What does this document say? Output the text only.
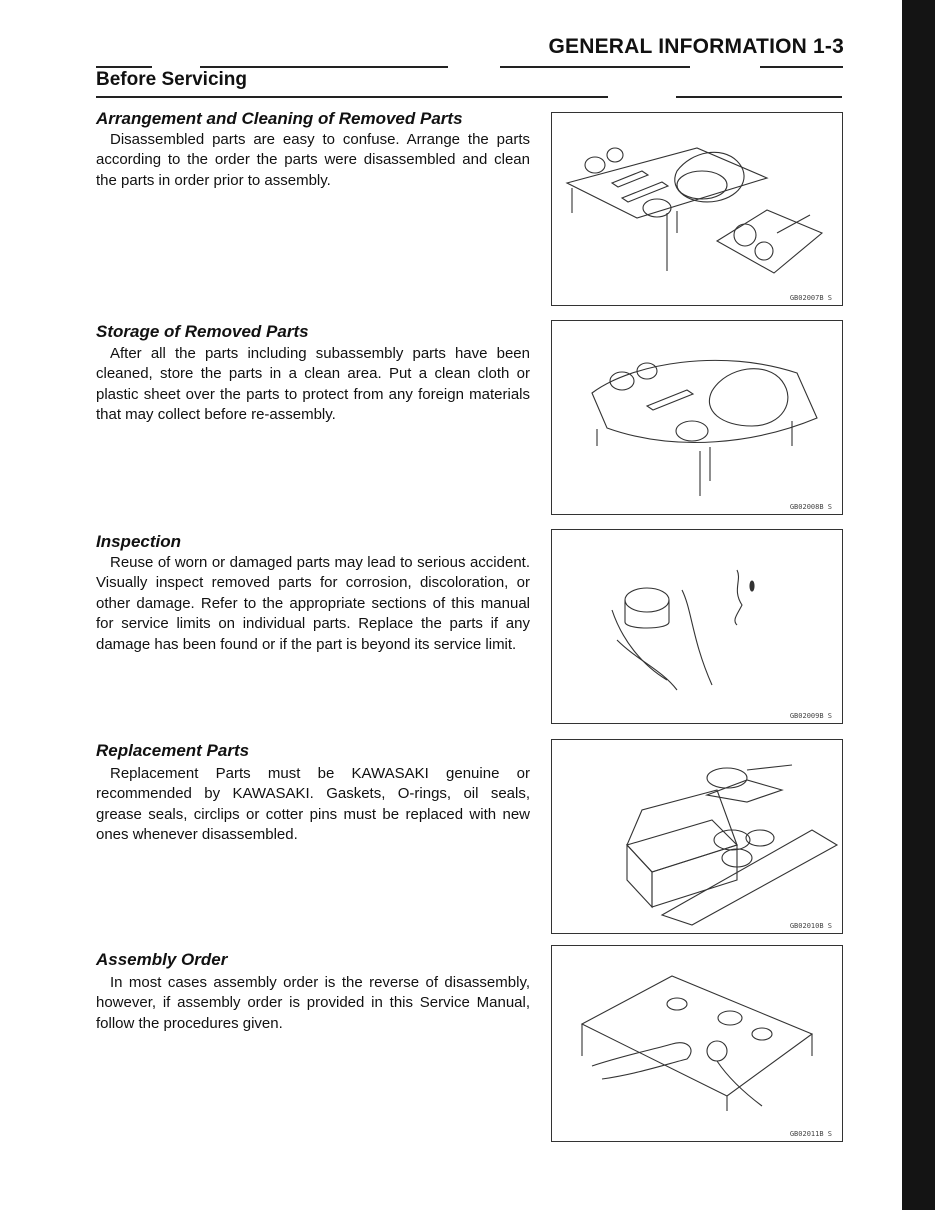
GENERAL INFORMATION 1-3
Before Servicing
Arrangement and Cleaning of Removed Parts

Disassembled parts are easy to confuse. Arrange the parts according to the order the parts were disassembled and clean the parts in order prior to assembly.

GB02007B S
Storage of Removed Parts

After all the parts including subassembly parts have been cleaned, store the parts in a clean area. Put a clean cloth or plastic sheet over the parts to protect from any foreign materials that may collect before re-assembly.

GB02008B S
Inspection

Reuse of worn or damaged parts may lead to serious accident. Visually inspect removed parts for corrosion, discoloration, or other damage. Refer to the appropriate sections of this manual for service limits on individual parts. Replace the parts if any damage has been found or if the part is beyond its service limit.

GB02009B S
Replacement Parts

Replacement Parts must be KAWASAKI genuine or recommended by KAWASAKI. Gaskets, O-rings, oil seals, grease seals, circlips or cotter pins must be replaced with new ones whenever disassembled.

GB02010B S
Assembly Order

In most cases assembly order is the reverse of disassembly, however, if assembly order is provided in this Service Manual, follow the procedures given.

GB02011B S
